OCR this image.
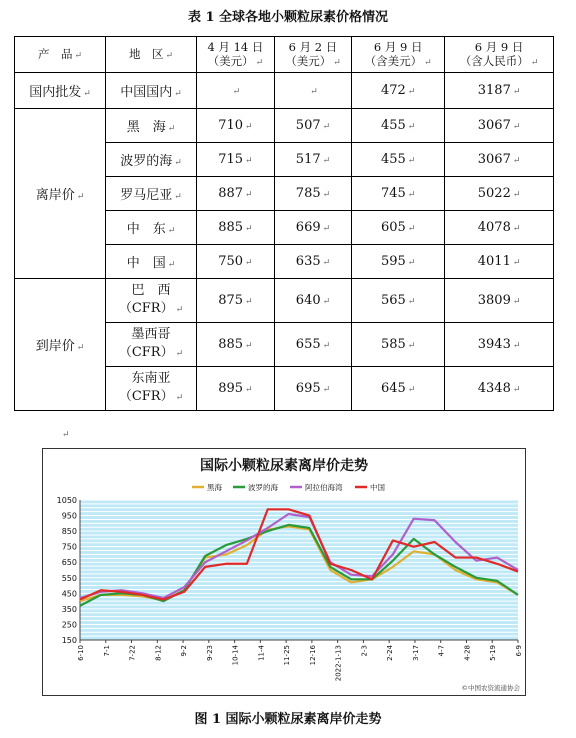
表 1 全球各地小颗粒尿素价格情况
产　品 ↵	地　区 ↵	4 月 14 日
（美元） ↵	6 月 2 日
（美元） ↵	6 月 9 日
（含美元） ↵	6 月 9 日
（含人民币） ↵
国内批发 ↵	中国国内 ↵	↵	↵	472 ↵	3187 ↵
离岸价 ↵	黑　海 ↵	710 ↵	507 ↵	455 ↵	3067 ↵
	波罗的海 ↵	715 ↵	517 ↵	455 ↵	3067 ↵
	罗马尼亚 ↵	887 ↵	785 ↵	745 ↵	5022 ↵
	中　东 ↵	885 ↵	669 ↵	605 ↵	4078 ↵
	中　国 ↵	750 ↵	635 ↵	595 ↵	4011 ↵
到岸价 ↵	巴　西
（CFR） ↵	875 ↵	640 ↵	565 ↵	3809 ↵
	墨西哥
（CFR） ↵	885 ↵	655 ↵	585 ↵	3943 ↵
	东南亚
（CFR） ↵	895 ↵	695 ↵	645 ↵	4348 ↵
↵
国际小颗粒尿素离岸价走势
黑海	波罗的海	阿拉伯海湾	中国
150
250
350
450
550
650
750
850
950
1050
6-10	7-1	7-22	8-12	9-2	9-23	10-14	11-4	11-25	12-16	2022-1-13	2-3	2-24	3-17	4-7	4-28	5-19	6-9
©中国农资流通协会
图 1 国际小颗粒尿素离岸价走势
